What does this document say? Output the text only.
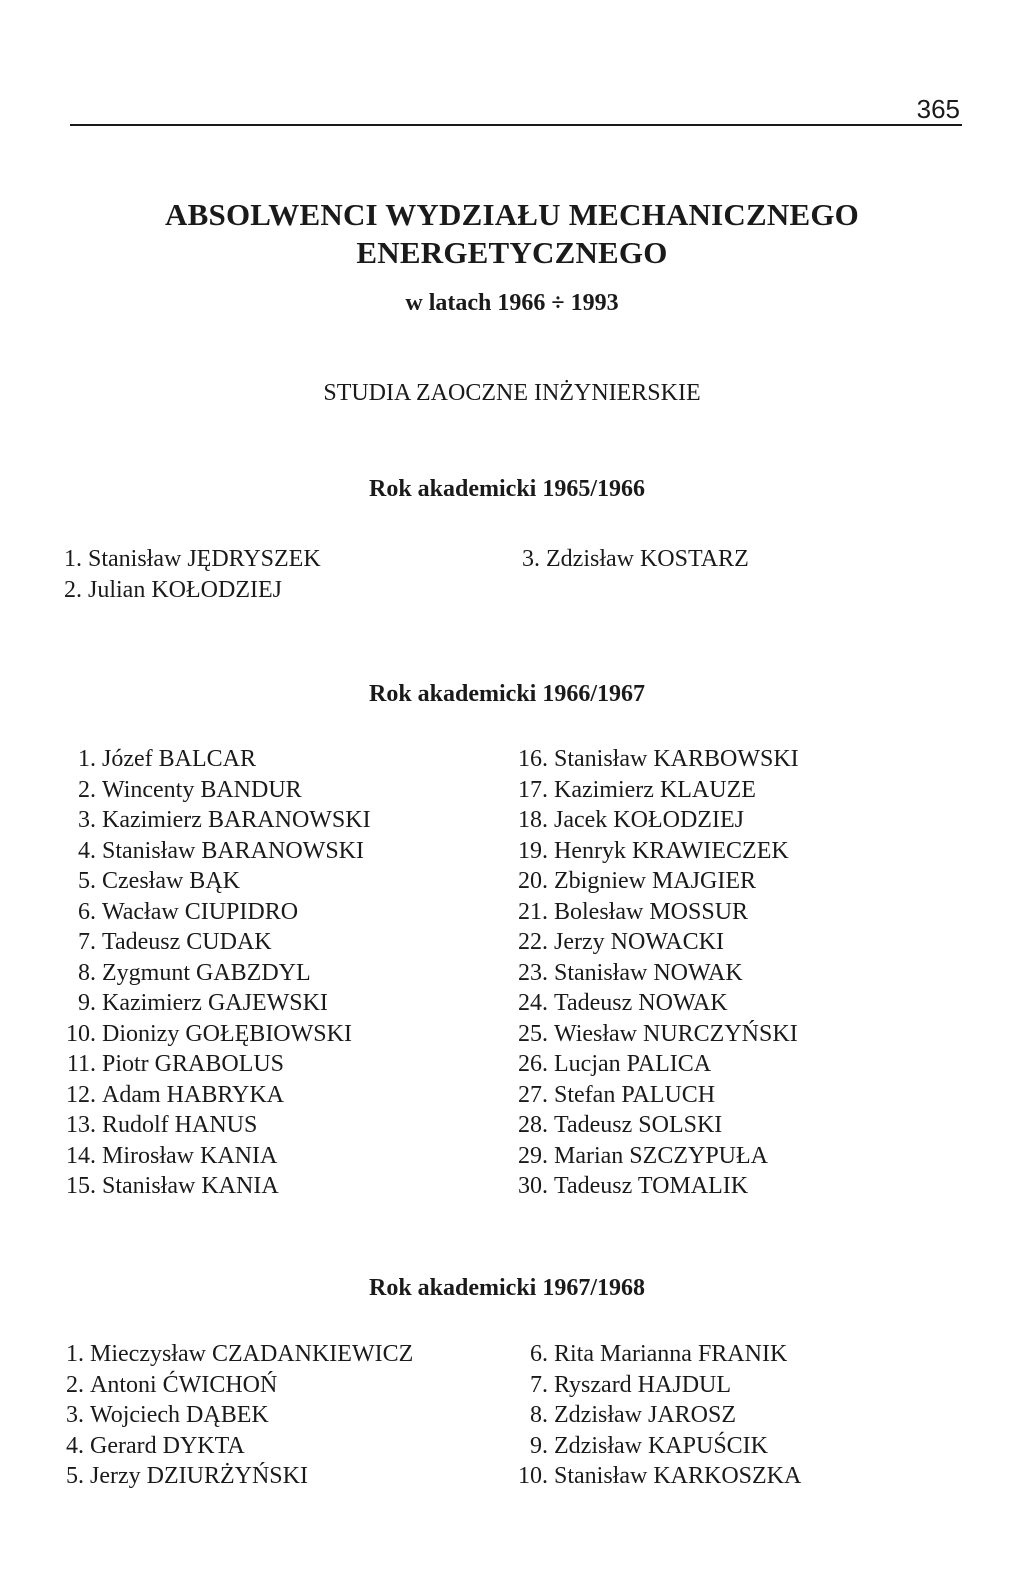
365
ABSOLWENCI WYDZIAŁU MECHANICZNEGO
ENERGETYCZNEGO
w latach 1966 ÷ 1993
STUDIA ZAOCZNE INŻYNIERSKIE
Rok akademicki 1965/1966
1. Stanisław JĘDRYSZEK
2. Julian KOŁODZIEJ
3. Zdzisław KOSTARZ
Rok akademicki 1966/1967
1. Józef BALCAR
2. Wincenty BANDUR
3. Kazimierz BARANOWSKI
4. Stanisław BARANOWSKI
5. Czesław BĄK
6. Wacław CIUPIDRO
7. Tadeusz CUDAK
8. Zygmunt GABZDYL
9. Kazimierz GAJEWSKI
10. Dionizy GOŁĘBIOWSKI
11. Piotr GRABOLUS
12. Adam HABRYKA
13. Rudolf HANUS
14. Mirosław KANIA
15. Stanisław KANIA
16. Stanisław KARBOWSKI
17. Kazimierz KLAUZE
18. Jacek KOŁODZIEJ
19. Henryk KRAWIECZEK
20. Zbigniew MAJGIER
21. Bolesław MOSSUR
22. Jerzy NOWACKI
23. Stanisław NOWAK
24. Tadeusz NOWAK
25. Wiesław NURCZYŃSKI
26. Lucjan PALICA
27. Stefan PALUCH
28. Tadeusz SOLSKI
29. Marian SZCZYPUŁA
30. Tadeusz TOMALIK
Rok akademicki 1967/1968
1. Mieczysław CZADANKIEWICZ
2. Antoni ĆWICHOŃ
3. Wojciech DĄBEK
4. Gerard DYKTA
5. Jerzy DZIURŻYŃSKI
6. Rita Marianna FRANIK
7. Ryszard HAJDUL
8. Zdzisław JAROSZ
9. Zdzisław KAPUŚCIK
10. Stanisław KARKOSZKA
